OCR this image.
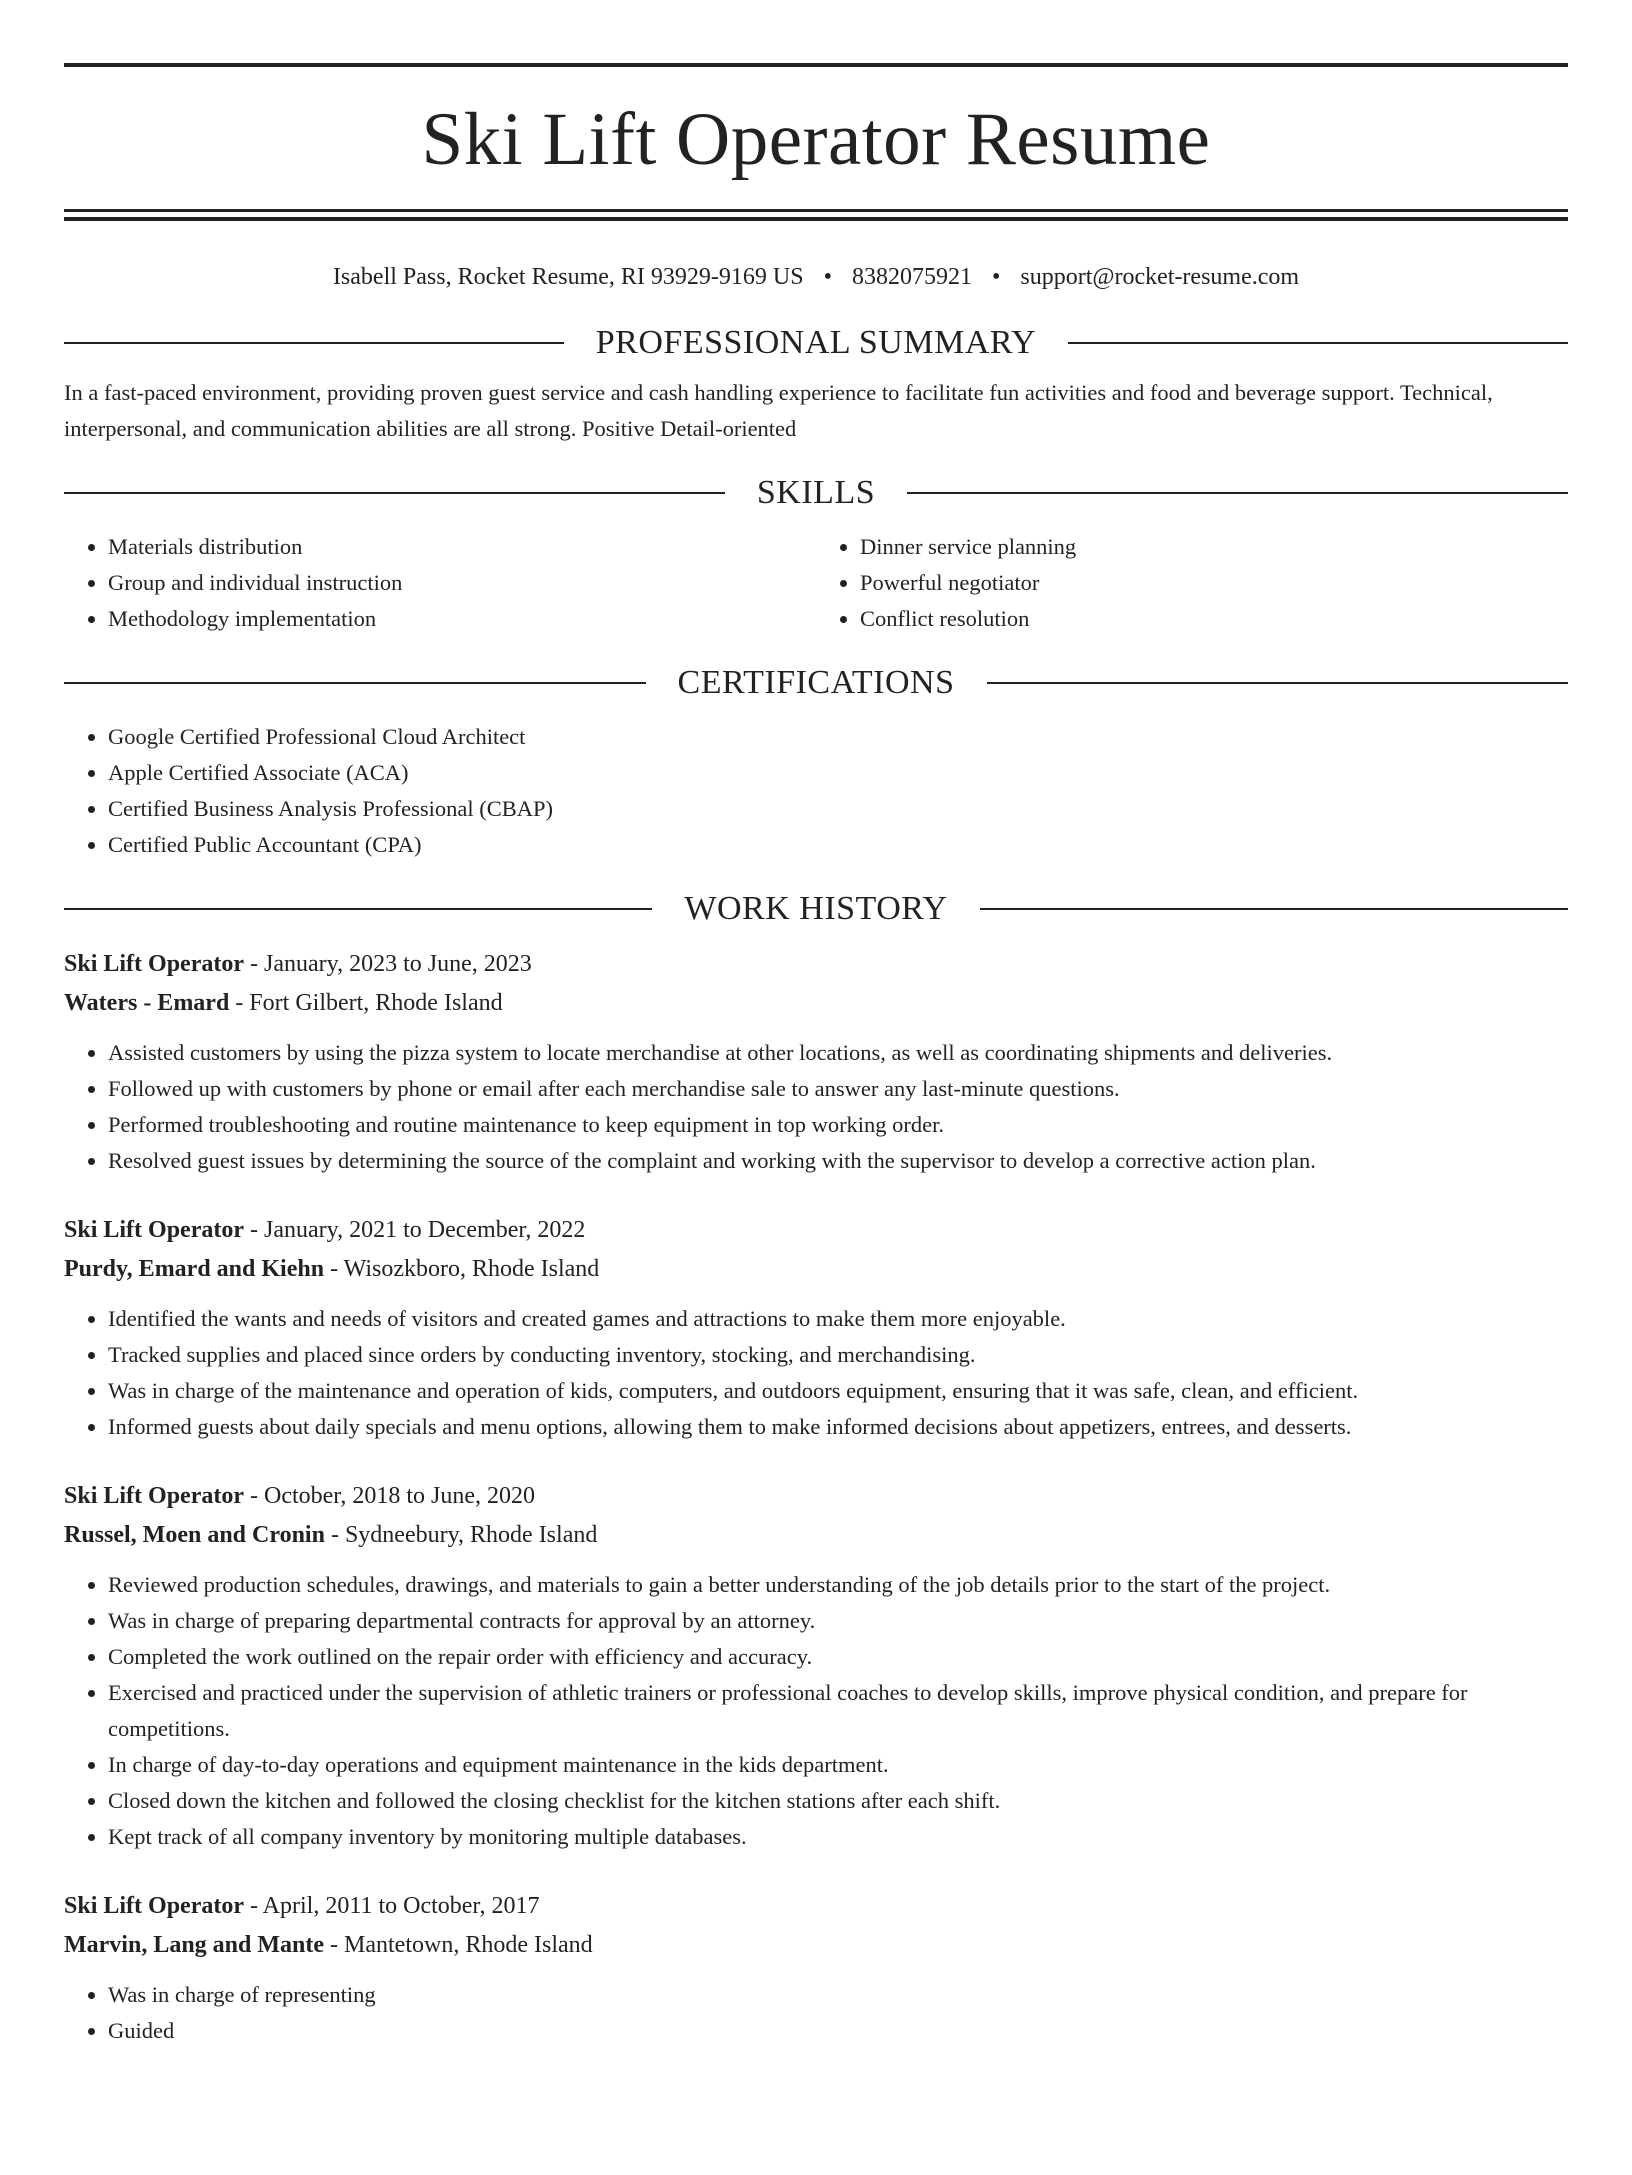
Ski Lift Operator Resume
Isabell Pass, Rocket Resume, RI 93929-9169 US • 8382075921 • support@rocket-resume.com
PROFESSIONAL SUMMARY

In a fast-paced environment, providing proven guest service and cash handling experience to facilitate fun activities and food and beverage support. Technical, interpersonal, and communication abilities are all strong. Positive Detail-oriented

SKILLS
• Materials distribution
• Group and individual instruction
• Methodology implementation
• Dinner service planning
• Powerful negotiator
• Conflict resolution
CERTIFICATIONS
• Google Certified Professional Cloud Architect
• Apple Certified Associate (ACA)
• Certified Business Analysis Professional (CBAP)
• Certified Public Accountant (CPA)
WORK HISTORY
Ski Lift Operator - January, 2023 to June, 2023
Waters - Emard - Fort Gilbert, Rhode Island
• Assisted customers by using the pizza system to locate merchandise at other locations, as well as coordinating shipments and deliveries.
• Followed up with customers by phone or email after each merchandise sale to answer any last-minute questions.
• Performed troubleshooting and routine maintenance to keep equipment in top working order.
• Resolved guest issues by determining the source of the complaint and working with the supervisor to develop a corrective action plan.
Ski Lift Operator - January, 2021 to December, 2022
Purdy, Emard and Kiehn - Wisozkboro, Rhode Island
• Identified the wants and needs of visitors and created games and attractions to make them more enjoyable.
• Tracked supplies and placed since orders by conducting inventory, stocking, and merchandising.
• Was in charge of the maintenance and operation of kids, computers, and outdoors equipment, ensuring that it was safe, clean, and efficient.
• Informed guests about daily specials and menu options, allowing them to make informed decisions about appetizers, entrees, and desserts.
Ski Lift Operator - October, 2018 to June, 2020
Russel, Moen and Cronin - Sydneebury, Rhode Island
• Reviewed production schedules, drawings, and materials to gain a better understanding of the job details prior to the start of the project.
• Was in charge of preparing departmental contracts for approval by an attorney.
• Completed the work outlined on the repair order with efficiency and accuracy.
• Exercised and practiced under the supervision of athletic trainers or professional coaches to develop skills, improve physical condition, and prepare for competitions.
• In charge of day-to-day operations and equipment maintenance in the kids department.
• Closed down the kitchen and followed the closing checklist for the kitchen stations after each shift.
• Kept track of all company inventory by monitoring multiple databases.
Ski Lift Operator - April, 2011 to October, 2017
Marvin, Lang and Mante - Mantetown, Rhode Island
• Was in charge of representing
• Guided
